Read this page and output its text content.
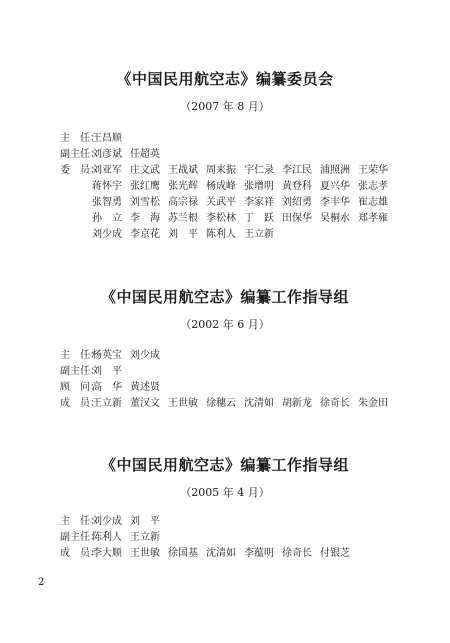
《中国民用航空志》编纂委员会
（2007 年 8 月）
主　任：
王昌顺
副主任：
刘彦斌 任超英
委　员：
刘亚军 庄文武 王战斌 周来振 宇仁录 李江民 浦照洲 王荣华
蒋怀宇 张红鹰 张光辉 杨成峰 张增明 黄登科 夏兴华 张志孝
张智勇 刘雪松 高宗禄 关武平 李家祥 刘绍勇 李丰华 崔志雄
孙　立 李　海 苏兰根 李松林 丁　跃 田保华 吴桐水 郑孝雍
刘少成 李京花 刘　平 陈利人 王立新
《中国民用航空志》编纂工作指导组
（2002 年 6 月）
主　任：
杨英宝 刘少成
副主任：
刘　平
顾　问：
高　华 黄述贤
成　员：
王立新 董汉文 王世敏 徐穗云 沈清如 胡新龙 徐奇长 朱金田
《中国民用航空志》编纂工作指导组
（2005 年 4 月）
主　任：
刘少成 刘　平
副主任：
陈利人 王立新
成　员：
李大顺 王世敏 徐国基 沈清如 李蕴明 徐奇长 付银芝
2
